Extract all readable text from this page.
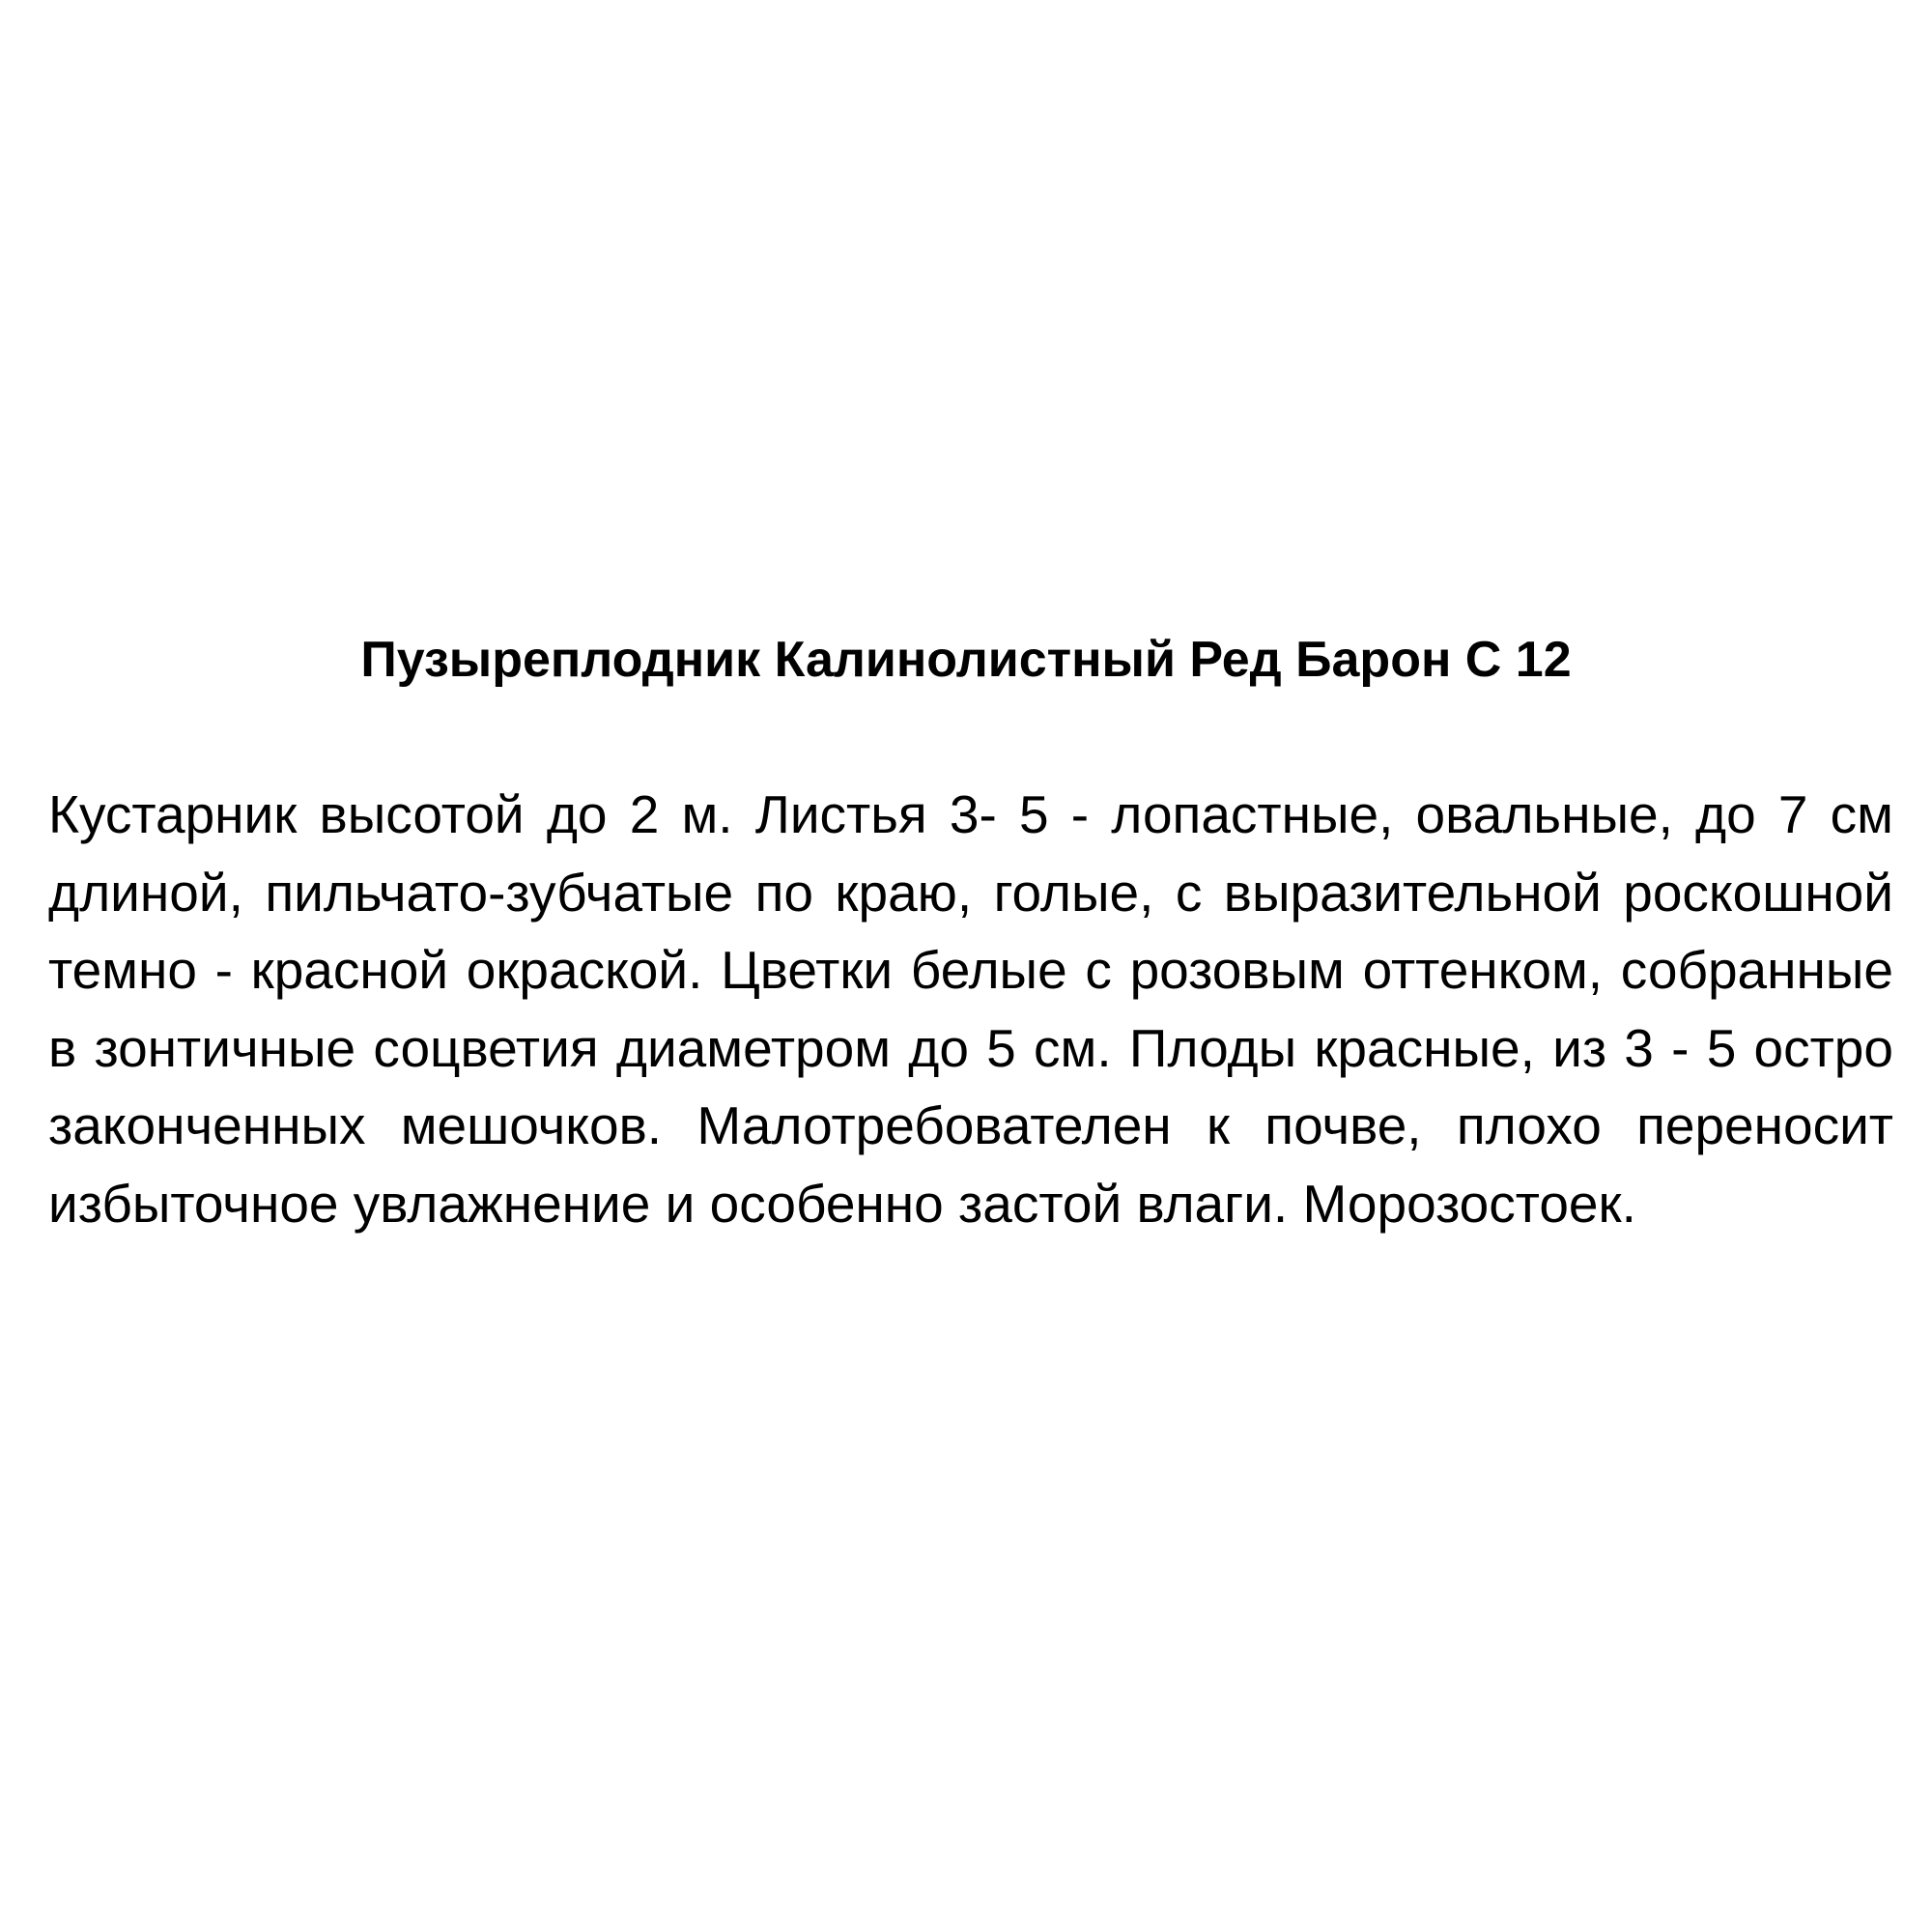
Пузыреплодник Калинолистный Ред Барон С 12

Кустарник высотой до 2 м. Листья 3- 5 - лопастные, овальные, до 7 см длиной, пильчато-зубчатые по краю, голые, с выразительной роскошной темно - красной окраской. Цветки белые с розовым оттенком, собранные в зонтичные соцветия диаметром до 5 см. Плоды красные, из 3 - 5 остро законченных мешочков. Малотребователен к почве, плохо переносит избыточное увлажнение и особенно застой влаги. Морозостоек.
